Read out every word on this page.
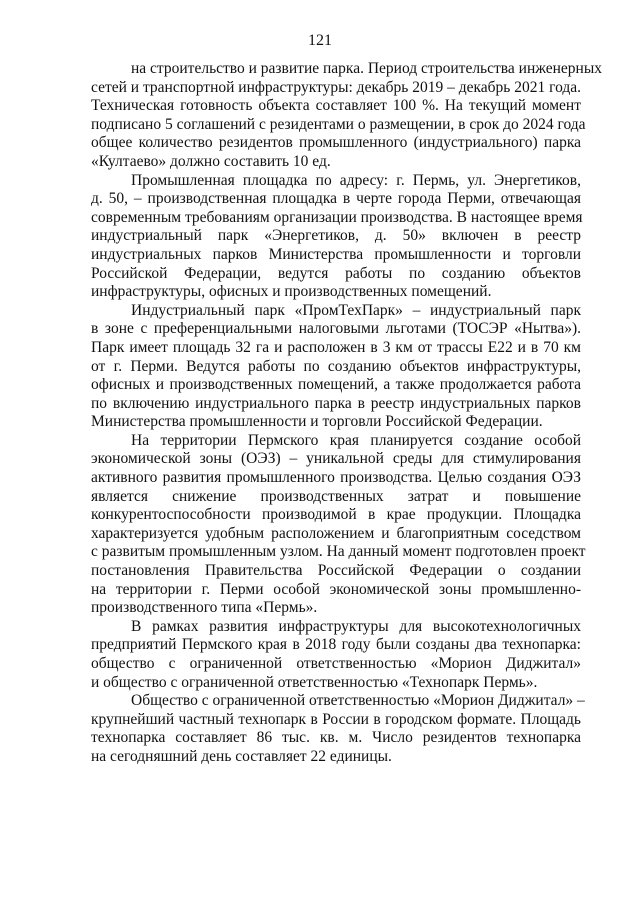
121
на строительство и развитие парка. Период строительства инженерных
сетей и транспортной инфраструктуры: декабрь 2019 – декабрь 2021 года.
Техническая готовность объекта составляет 100 %. На текущий момент
подписано 5 соглашений с резидентами о размещении, в срок до 2024 года
общее количество резидентов промышленного (индустриального) парка
«Култаево» должно составить 10 ед.
Промышленная площадка по адресу: г. Пермь, ул. Энергетиков,
д. 50, – производственная площадка в черте города Перми, отвечающая
современным требованиям организации производства. В настоящее время
индустриальный парк «Энергетиков, д. 50» включен в реестр
индустриальных парков Министерства промышленности и торговли
Российской Федерации, ведутся работы по созданию объектов
инфраструктуры, офисных и производственных помещений.
Индустриальный парк «ПромТехПарк» – индустриальный парк
в зоне с преференциальными налоговыми льготами (ТОСЭР «Нытва»).
Парк имеет площадь 32 га и расположен в 3 км от трассы Е22 и в 70 км
от г. Перми. Ведутся работы по созданию объектов инфраструктуры,
офисных и производственных помещений, а также продолжается работа
по включению индустриального парка в реестр индустриальных парков
Министерства промышленности и торговли Российской Федерации.
На территории Пермского края планируется создание особой
экономической зоны (ОЭЗ) – уникальной среды для стимулирования
активного развития промышленного производства. Целью создания ОЭЗ
является снижение производственных затрат и повышение
конкурентоспособности производимой в крае продукции. Площадка
характеризуется удобным расположением и благоприятным соседством
с развитым промышленным узлом. На данный момент подготовлен проект
постановления Правительства Российской Федерации о создании
на территории г. Перми особой экономической зоны промышленно-
производственного типа «Пермь».
В рамках развития инфраструктуры для высокотехнологичных
предприятий Пермского края в 2018 году были созданы два технопарка:
общество с ограниченной ответственностью «Морион Диджитал»
и общество с ограниченной ответственностью «Технопарк Пермь».
Общество с ограниченной ответственностью «Морион Диджитал» –
крупнейший частный технопарк в России в городском формате. Площадь
технопарка составляет 86 тыс. кв. м. Число резидентов технопарка
на сегодняшний день составляет 22 единицы.
